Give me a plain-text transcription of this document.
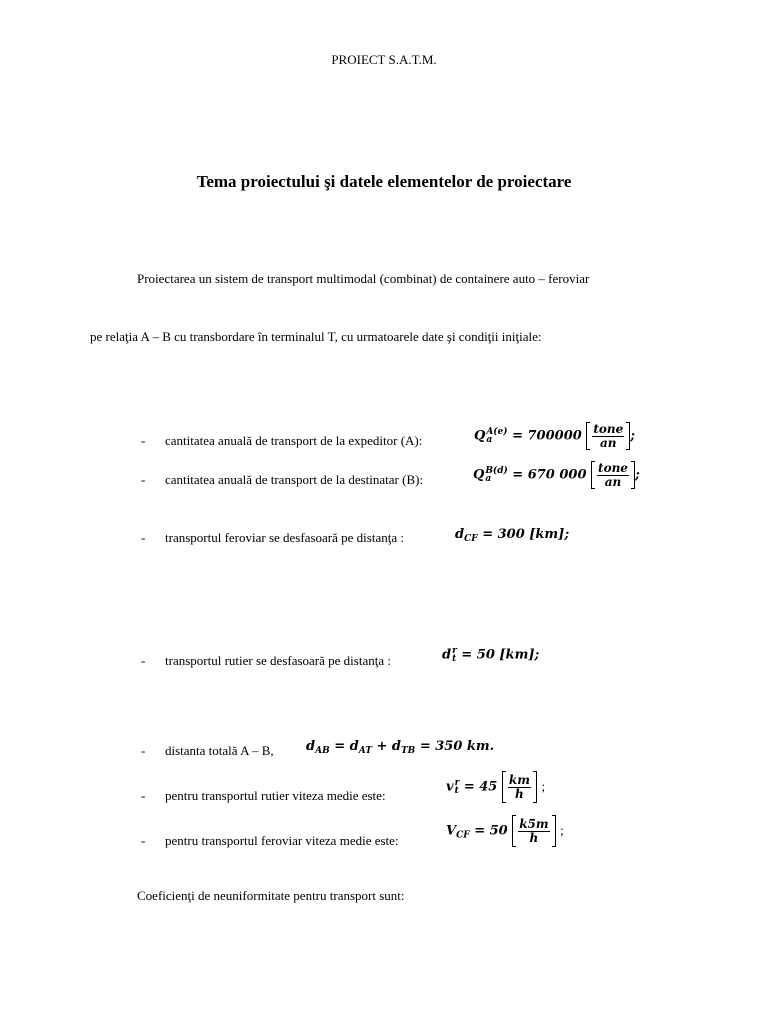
PROIECT S.A.T.M.
Tema proiectului şi datele elementelor de proiectare
Proiectarea un sistem de transport multimodal (combinat) de containere auto – feroviar
pe relaţia A – B cu transbordare în terminalul T, cu urmatoarele date şi condiţii iniţiale:
- cantitatea anuală de transport de la expeditor (A):	QA(e)
$a = 700000 \frac{\text{tone}}{an}$ ;
- cantitatea anuală de transport de la destinatar (B):	QB(d)
a = 670 $000 \frac{\text{tone}}{an}$ ;
- transportul feroviar se desfasoară pe distanţa :	$d_{CF} = 300$ [km];
- transportul rutier se desfasoară pe distanţa :	dr
t = 50 [km];
- distanta totală A – B, $d_{AB} = d_{AT} + d_{TB} = 350$ km.
- pentru transportul rutier viteza medie este:
vr
$t = 45 \frac{km}{h}$ ;
- pentru transportul feroviar viteza medie este:
$V_{CF} = 50 \frac{k5m}{h}$ ;
Coeficienţi de neuniformitate pentru transport sunt:
